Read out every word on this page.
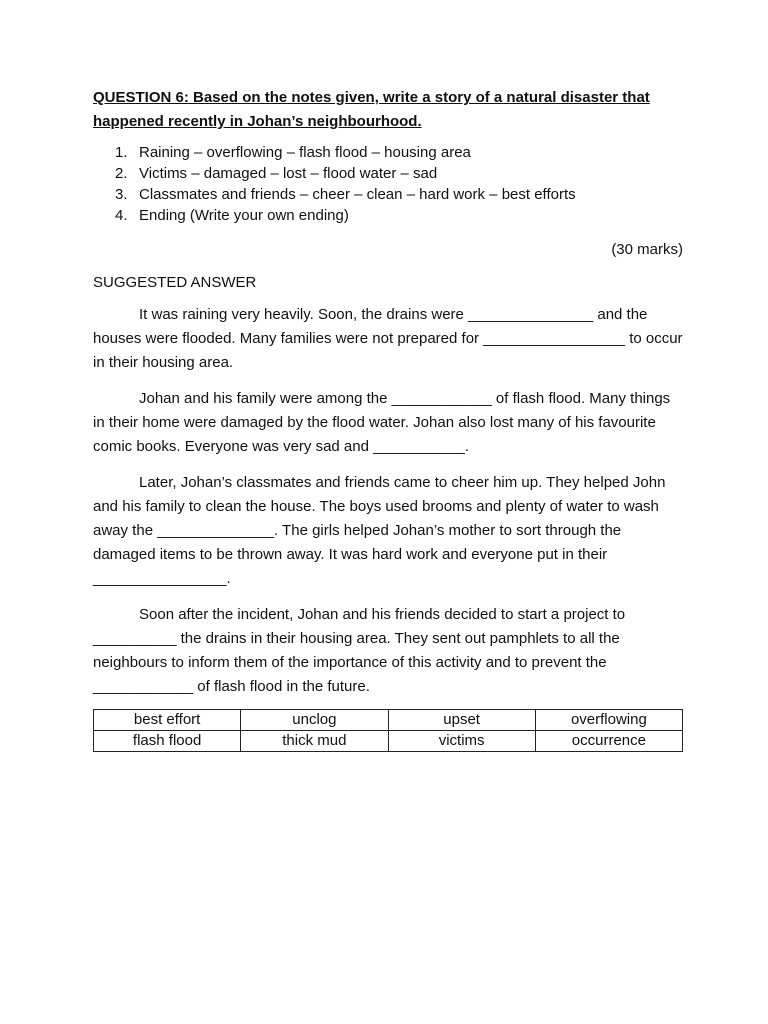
QUESTION 6: Based on the notes given, write a story of a natural disaster that
happened recently in Johan’s neighbourhood.
1. Raining – overflowing – flash flood – housing area
2. Victims – damaged – lost – flood water – sad
3. Classmates and friends – cheer – clean – hard work – best efforts
4. Ending (Write your own ending)
(30 marks)
SUGGESTED ANSWER

It was raining very heavily. Soon, the drains were _______________ and the houses were flooded. Many families were not prepared for _________________ to occur in their housing area.

Johan and his family were among the ____________ of flash flood. Many things in their home were damaged by the flood water. Johan also lost many of his favourite comic books. Everyone was very sad and ___________.

Later, Johan’s classmates and friends came to cheer him up. They helped John and his family to clean the house. The boys used brooms and plenty of water to wash away the ______________. The girls helped Johan’s mother to sort through the damaged items to be thrown away. It was hard work and everyone put in their ________________.

Soon after the incident, Johan and his friends decided to start a project to __________ the drains in their housing area. They sent out pamphlets to all the neighbours to inform them of the importance of this activity and to prevent the ____________ of flash flood in the future.

best effort	unclog	upset	overflowing
flash flood	thick mud	victims	occurrence
